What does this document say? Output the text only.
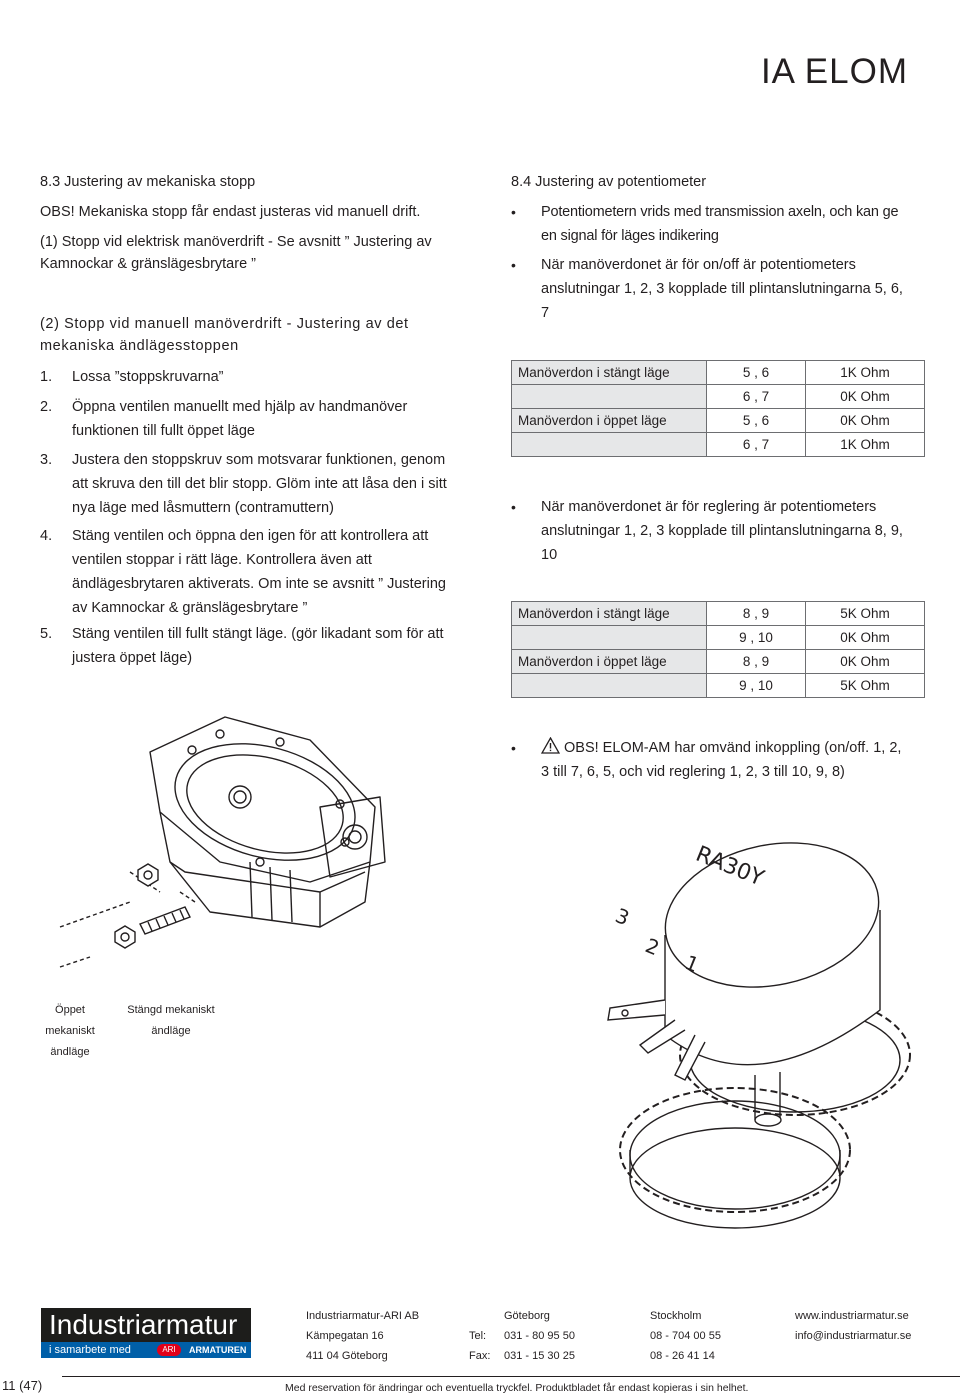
IA ELOM
8.3 Justering av mekaniska stopp
OBS! Mekaniska stopp får endast justeras vid manuell drift.
(1) Stopp vid elektrisk manöverdrift - Se avsnitt ” Justering av Kamnockar & gränslägesbrytare ”
(2) Stopp vid manuell manöverdrift - Justering av det mekaniska ändlägesstoppen
1. Lossa ”stoppskruvarna”
2. Öppna ventilen manuellt med hjälp av handmanöver funktionen till fullt öppet läge
3. Justera den stoppskruv som motsvarar funktionen, genom att skruva den till det blir stopp. Glöm inte att låsa den i sitt nya läge med låsmuttern (contramuttern)
4. Stäng ventilen och öppna den igen för att kontrollera att ventilen stoppar i rätt läge. Kontrollera även att ändlägesbrytaren aktiverats. Om inte se avsnitt ” Justering av Kamnockar & gränslägesbrytare ”
5. Stäng ventilen till fullt stängt läge. (gör likadant som för att justera öppet läge)
Öppet mekaniskt
ändläge
Stängd mekaniskt
ändläge
8.4 Justering av potentiometer
• Potentiometern vrids med transmission axeln, och kan ge en signal för läges indikering
• När manöverdonet är för on/off är potentiometers anslutningar 1, 2, 3 kopplade till plintanslutningarna 5, 6, 7
Manöverdon i stängt läge	5 , 6	1K Ohm
	6 , 7	0K Ohm
Manöverdon i öppet läge	5 , 6	0K Ohm
	6 , 7	1K Ohm
• När manöverdonet är för reglering är potentiometers anslutningar 1, 2, 3 kopplade till plintanslutningarna 8, 9, 10
Manöverdon i stängt läge	8 , 9	5K Ohm
	9 , 10	0K Ohm
Manöverdon i öppet läge	8 , 9	0K Ohm
	9 , 10	5K Ohm
•	OBS! ELOM-AM har omvänd inkoppling (on/off. 1, 2, 3 till 7, 6, 5, och vid reglering 1, 2, 3 till 10, 9, 8)
RA30Y
3
2
1
Industriarmatur
i samarbete med	ARI	ARMATUREN
Industriarmatur-ARI AB
Kämpegatan 16
411 04 Göteborg
Tel:
Fax:
Göteborg
031 - 80 95 50
031 - 15 30 25
Stockholm
08 - 704 00 55
08 - 26 41 14
www.industriarmatur.se
info@industriarmatur.se
11 (47)	Med reservation för ändringar och eventuella tryckfel. Produktbladet får endast kopieras i sin helhet.
